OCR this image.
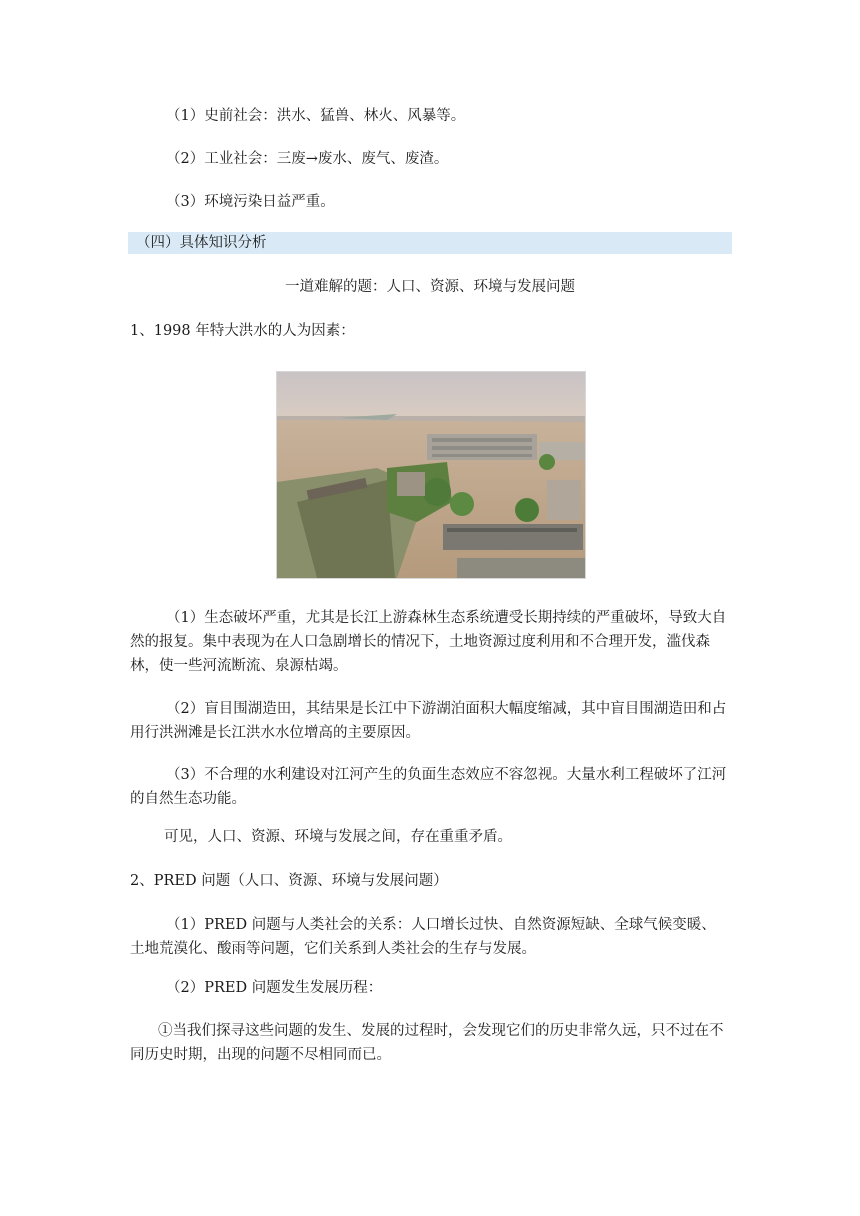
（1）史前社会：洪水、猛兽、林火、风暴等。
（2）工业社会：三废→废水、废气、废渣。
（3）环境污染日益严重。
（四）具体知识分析
一道难解的题：人口、资源、环境与发展问题
1、1998 年特大洪水的人为因素：
（1）生态破坏严重，尤其是长江上游森林生态系统遭受长期持续的严重破坏，导致大自然的报复。集中表现为在人口急剧增长的情况下，土地资源过度利用和不合理开发，滥伐森林，使一些河流断流、泉源枯竭。
（2）盲目围湖造田，其结果是长江中下游湖泊面积大幅度缩减，其中盲目围湖造田和占用行洪洲滩是长江洪水水位增高的主要原因。
（3）不合理的水利建设对江河产生的负面生态效应不容忽视。大量水利工程破坏了江河的自然生态功能。
可见，人口、资源、环境与发展之间，存在重重矛盾。
2、PRED 问题（人口、资源、环境与发展问题）
（1）PRED 问题与人类社会的关系：人口增长过快、自然资源短缺、全球气候变暖、土地荒漠化、酸雨等问题，它们关系到人类社会的生存与发展。
（2）PRED 问题发生发展历程：
①当我们探寻这些问题的发生、发展的过程时，会发现它们的历史非常久远，只不过在不同历史时期，出现的问题不尽相同而已。
